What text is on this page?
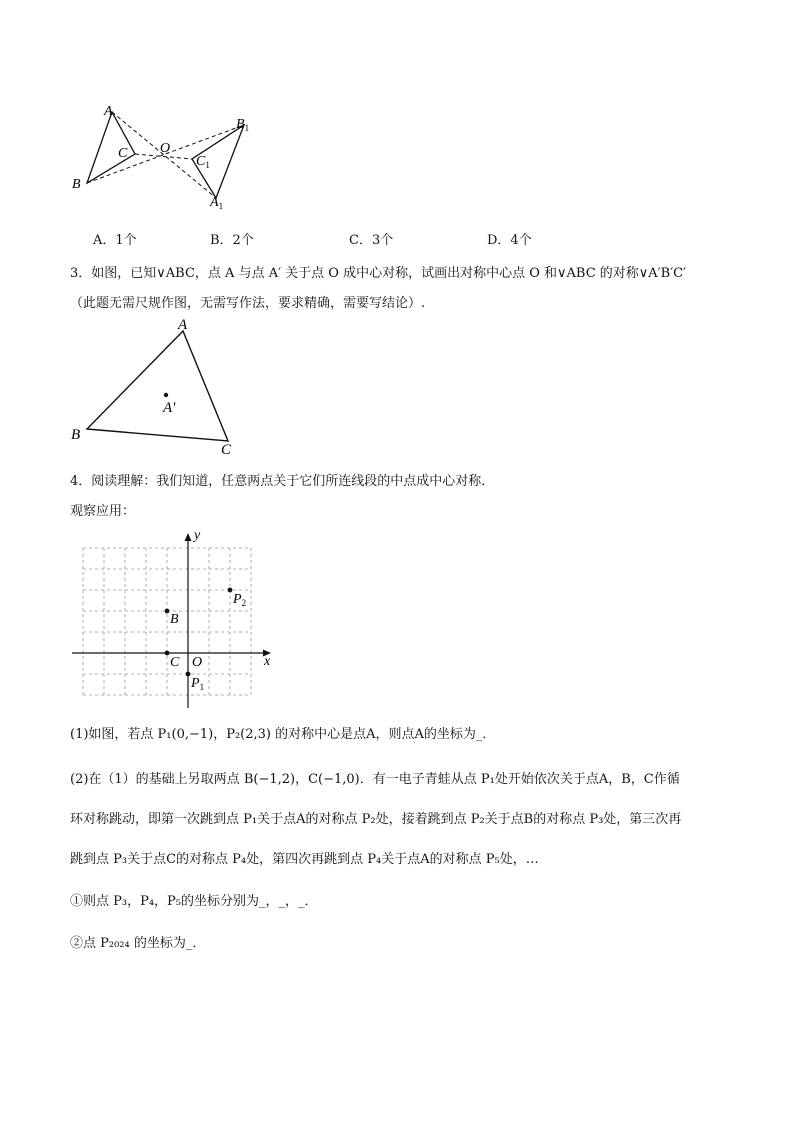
A
B
C O
$B_1$
$C_1$
$A_1$
A．1个	B．2个	C．3个	D．4个
3．如图，已知∨ABC，点 A 与点 A′ 关于点 O 成中心对称，试画出对称中心点 O 和∨ABC 的对称∨A′B′C′
（此题无需尺规作图，无需写作法，要求精确，需要写结论）.
A
A′
B
C
4．阅读理解：我们知道，任意两点关于它们所连线段的中点成中心对称．
观察应用：
y
x
O
B
C
$P_2$
$P_1$
(1)如图，若点 P₁(0,−1)，P₂(2,3) 的对称中心是点A，则点A的坐标为_．
(2)在（1）的基础上另取两点 B(−1,2)，C(−1,0)．有一电子青蛙从点 P₁处开始依次关于点A，B，C作循
环对称跳动，即第一次跳到点 P₁关于点A的对称点 P₂处，接着跳到点 P₂关于点B的对称点 P₃处，第三次再
跳到点 P₃关于点C的对称点 P₄处，第四次再跳到点 P₄关于点A的对称点 P₅处，…
①则点 P₃，P₄，P₅的坐标分别为_，_，_．
②点 P₂₀₂₄ 的坐标为_．
